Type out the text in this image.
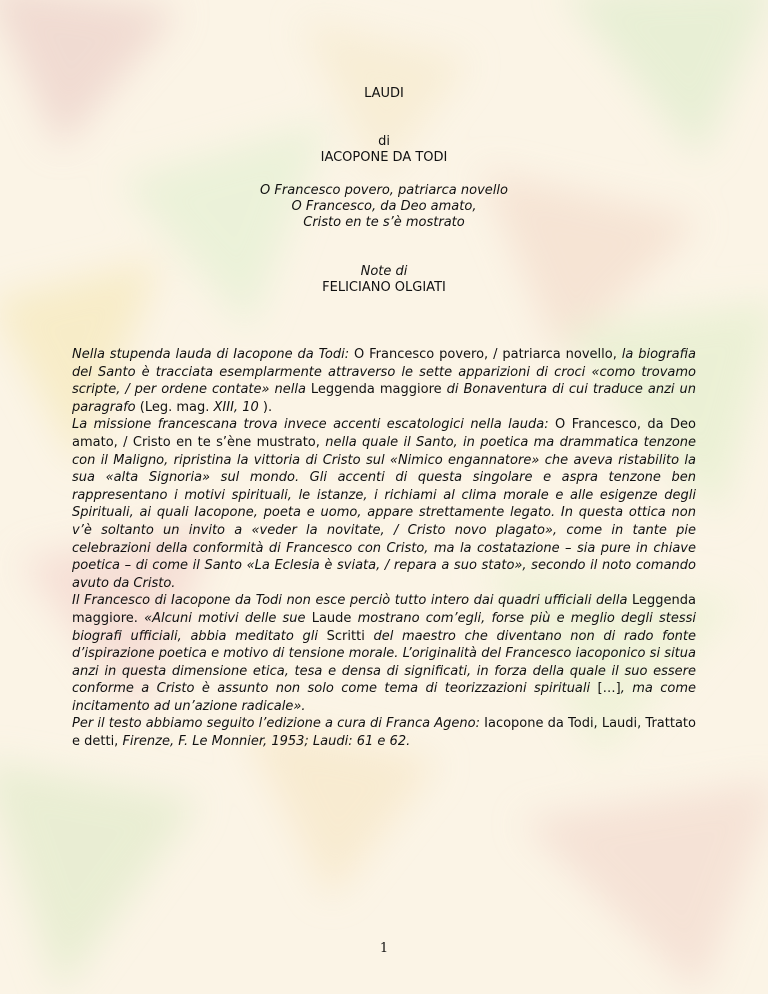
LAUDI
di
IACOPONE DA TODI
O Francesco povero, patriarca novello
O Francesco, da Deo amato,
Cristo en te s’è mostrato
Note di
FELICIANO OLGIATI

Nella stupenda lauda di Iacopone da Todi: O Francesco povero, / patriarca novello, la biografia del Santo è tracciata esemplarmente attraverso le sette apparizioni di croci «como trovamo scripte, / per ordene contate» nella Leggenda maggiore di Bonaventura di cui traduce anzi un paragrafo (Leg. mag. XIII, 10 ).

La missione francescana trova invece accenti escatologici nella lauda: O Francesco, da Deo amato, / Cristo en te s’ène mustrato, nella quale il Santo, in poetica ma drammatica tenzone con il Maligno, ripristina la vittoria di Cristo sul «Nimico engannatore» che aveva ristabilito la sua «alta Signoria» sul mondo. Gli accenti di questa singolare e aspra tenzone ben rappresentano i motivi spirituali, le istanze, i richiami al clima morale e alle esigenze degli Spirituali, ai quali Iacopone, poeta e uomo, appare strettamente legato. In questa ottica non v’è soltanto un invito a «veder la novitate, / Cristo novo plagato», come in tante pie celebrazioni della conformità di Francesco con Cristo, ma la costatazione – sia pure in chiave poetica – di come il Santo «La Eclesia è sviata, / repara a suo stato», secondo il noto comando avuto da Cristo.

Il Francesco di Iacopone da Todi non esce perciò tutto intero dai quadri ufficiali della Leggenda maggiore. «Alcuni motivi delle sue Laude mostrano com’egli, forse più e meglio degli stessi biografi ufficiali, abbia meditato gli Scritti del maestro che diventano non di rado fonte d’ispirazione poetica e motivo di tensione morale. L’originalità del Francesco iacoponico si situa anzi in questa dimensione etica, tesa e densa di significati, in forza della quale il suo essere conforme a Cristo è assunto non solo come tema di teorizzazioni spirituali […], ma come incitamento ad un’azione radicale».

Per il testo abbiamo seguito l’edizione a cura di Franca Ageno: Iacopone da Todi, Laudi, Trattato e detti, Firenze, F. Le Monnier, 1953; Laudi: 61 e 62.

1
